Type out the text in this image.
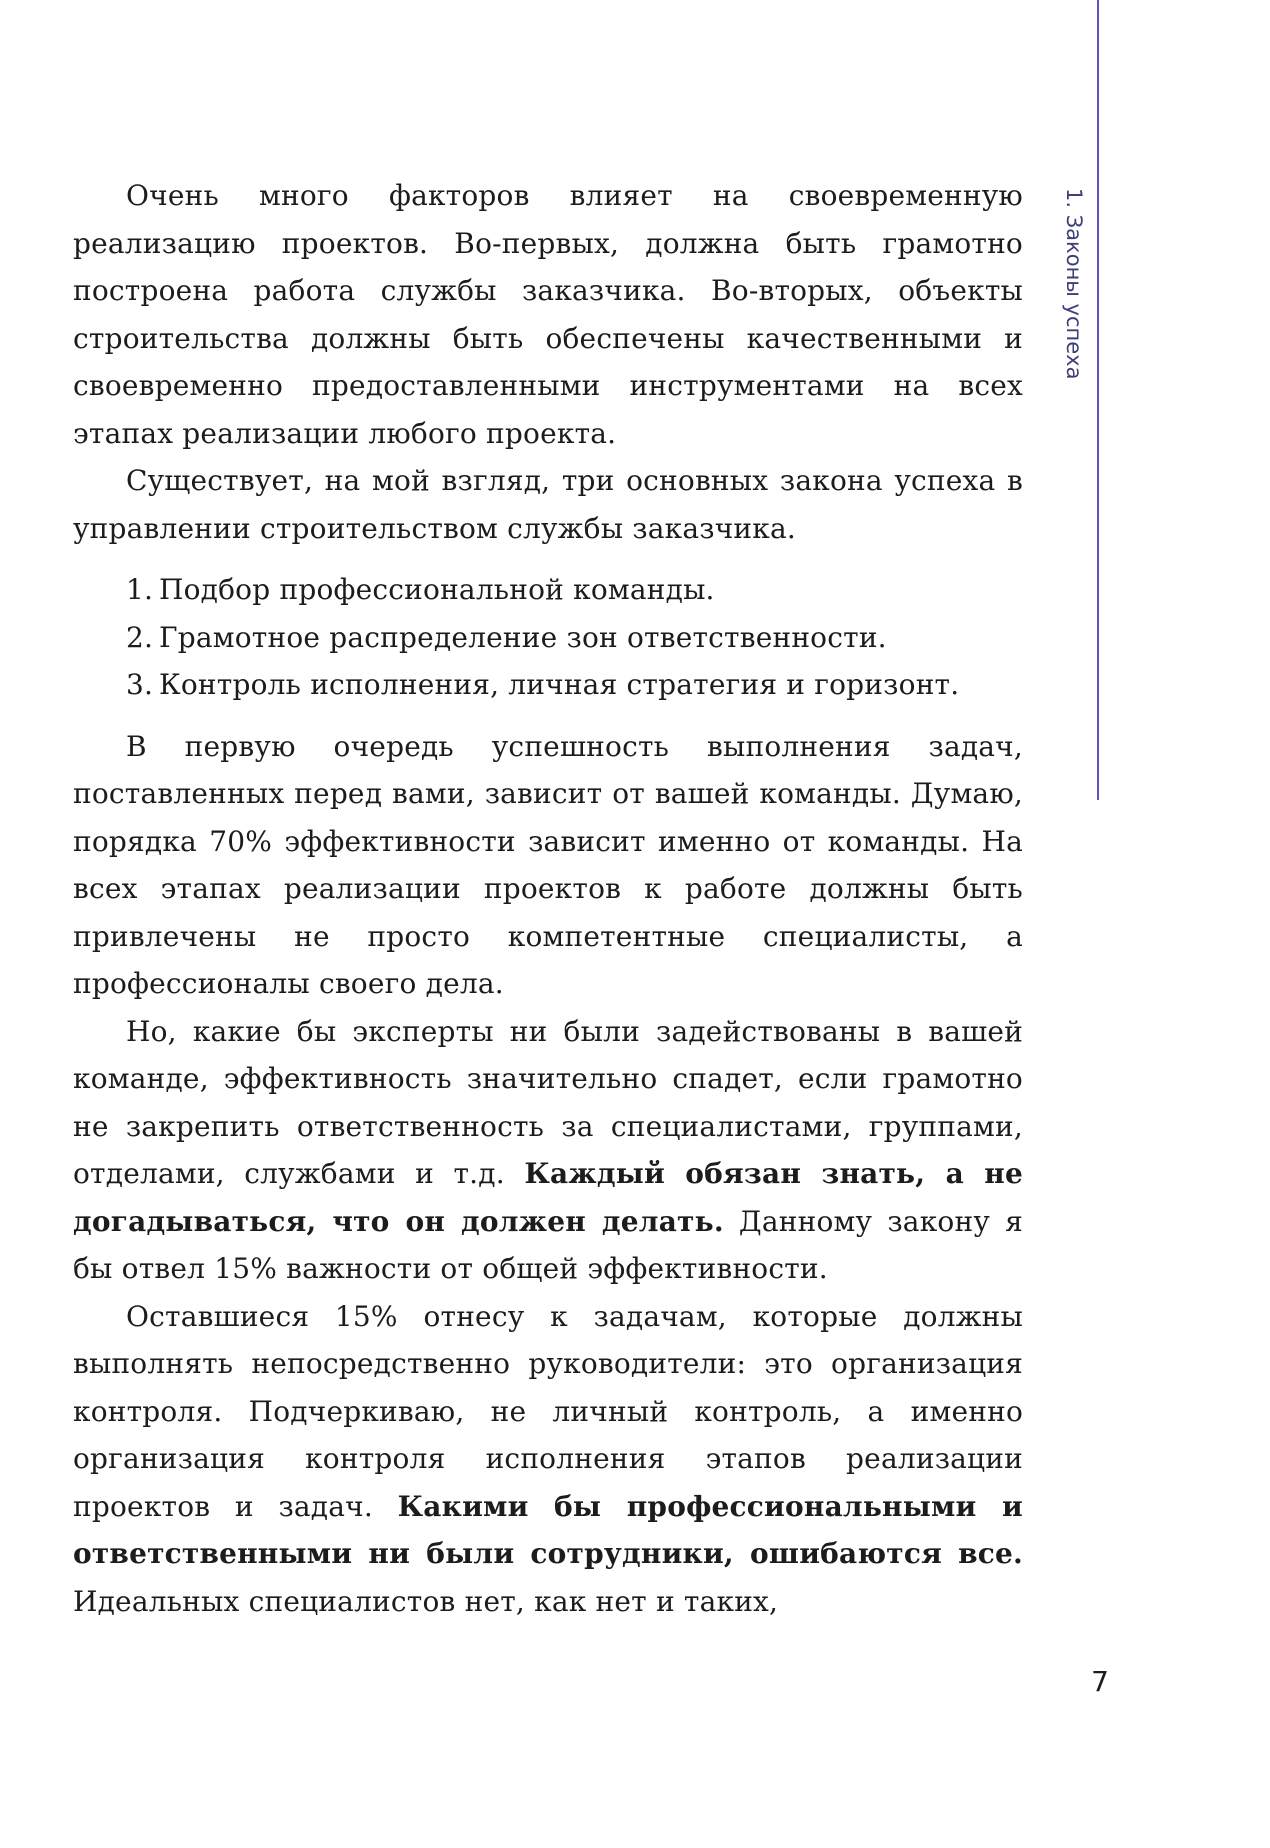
1. Законы успеха

Очень много факторов влияет на своевременную реализацию проектов. Во-первых, должна быть грамотно построена работа службы заказчика. Во-вторых, объекты строительства должны быть обеспечены качественными и своевременно предоставленными инструментами на всех этапах реализации любого проекта.

Существует, на мой взгляд, три основных закона успеха в управлении строительством службы заказчика.

1. Подбор профессиональной команды.
2. Грамотное распределение зон ответственности.
3. Контроль исполнения, личная стратегия и горизонт.

В первую очередь успешность выполнения задач, поставленных перед вами, зависит от вашей команды. Думаю, порядка 70% эффективности зависит именно от команды. На всех этапах реализации проектов к работе должны быть привлечены не просто компетентные специалисты, а профессионалы своего дела.

Но, какие бы эксперты ни были задействованы в вашей команде, эффективность значительно спадет, если грамотно не закрепить ответственность за специалистами, группами, отделами, службами и т.д. Каждый обязан знать, а не догадываться, что он должен делать. Данному закону я бы отвел 15% важности от общей эффективности.

Оставшиеся 15% отнесу к задачам, которые должны выполнять непосредственно руководители: это организация контроля. Подчеркиваю, не личный контроль, а именно организация контроля исполнения этапов реализации проектов и задач. Какими бы профессиональными и ответственными ни были сотрудники, ошибаются все. Идеальных специалистов нет, как нет и таких,

7
